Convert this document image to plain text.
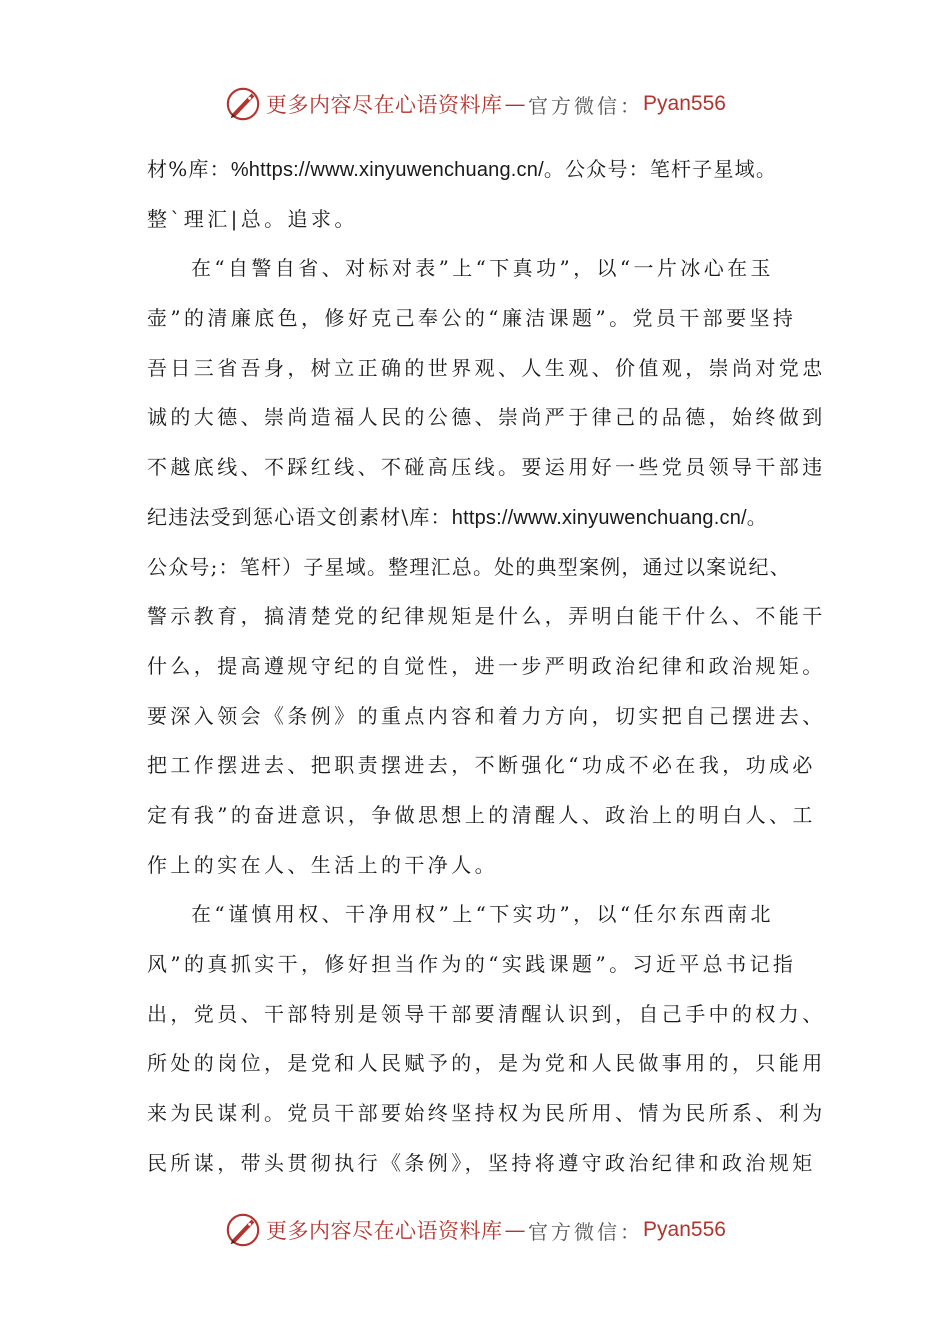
更多内容尽在心语资料库 — 官方微信： Pyan556
材%库：%https://www.xinyuwenchuang.cn/。公众号：笔杆子星域。
整`理汇|总。追求。
在“自警自省、对标对表”上“下真功”，以“一片冰心在玉
壶”的清廉底色，修好克己奉公的“廉洁课题”。党员干部要坚持
吾日三省吾身，树立正确的世界观、人生观、价值观，崇尚对党忠
诚的大德、崇尚造福人民的公德、崇尚严于律己的品德，始终做到
不越底线、不踩红线、不碰高压线。要运用好一些党员领导干部违
纪违法受到惩心语文创素材\库：https://www.xinyuwenchuang.cn/。
公众号;：笔杆）子星域。整理汇总。处的典型案例，通过以案说纪、
警示教育，搞清楚党的纪律规矩是什么，弄明白能干什么、不能干
什么，提高遵规守纪的自觉性，进一步严明政治纪律和政治规矩。
要深入领会《条例》的重点内容和着力方向，切实把自己摆进去、
把工作摆进去、把职责摆进去，不断强化“功成不必在我，功成必
定有我”的奋进意识，争做思想上的清醒人、政治上的明白人、工
作上的实在人、生活上的干净人。
在“谨慎用权、干净用权”上“下实功”，以“任尔东西南北
风”的真抓实干，修好担当作为的“实践课题”。习近平总书记指
出，党员、干部特别是领导干部要清醒认识到，自己手中的权力、
所处的岗位，是党和人民赋予的，是为党和人民做事用的，只能用
来为民谋利。党员干部要始终坚持权为民所用、情为民所系、利为
民所谋，带头贯彻执行《条例》，坚持将遵守政治纪律和政治规矩
更多内容尽在心语资料库 — 官方微信： Pyan556
